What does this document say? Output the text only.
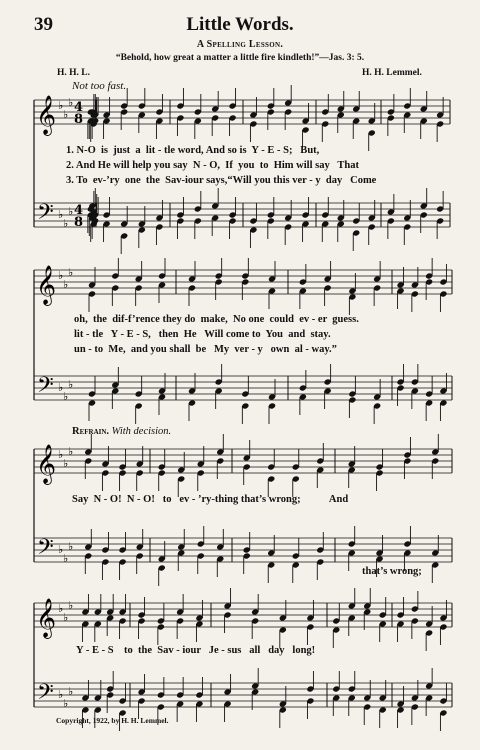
39	Little Words.
A Spelling Lesson.
“Behold, how great a matter a little fire kindleth!”—Jas. 3: 5.
H. H. L.	H. H. Lemmel.
Not too fast.
𝄞
𝄢
♭
♭
♭
♭
♭
♭
4
8
4
8
𝄞
𝄢
♭
♭
♭
♭
♭
♭
𝄞
𝄢
♭
♭
♭
♭
♭
♭
𝄞
𝄢
♭
♭
♭
♭
♭
♭
1. N-O  is  just  a  lit - tle word, And so is  Y - E - S;   But,
2. And He will help you say  N - O,  If  you  to  Him will say   That
3. To  ev-’ry  one  the  Sav-iour says,“Will you this ver - y  day   Come
oh,  the  dif-f’rence they do  make,  No one  could  ev - er  guess.
lit - tle   Y - E - S,   then  He   Will come to  You  and  stay.
un - to  Me,  and you shall  be   My  ver - y   own  al - way.”
Refrain. With decision.
Say  N - O!  N - O!   to   ev - ’ry-thing that’s wrong;           And
that’s wrong;
Y - E - S    to  the  Sav - iour   Je - sus   all   day   long!
Copyright, 1922, by H. H. Lemmel.
